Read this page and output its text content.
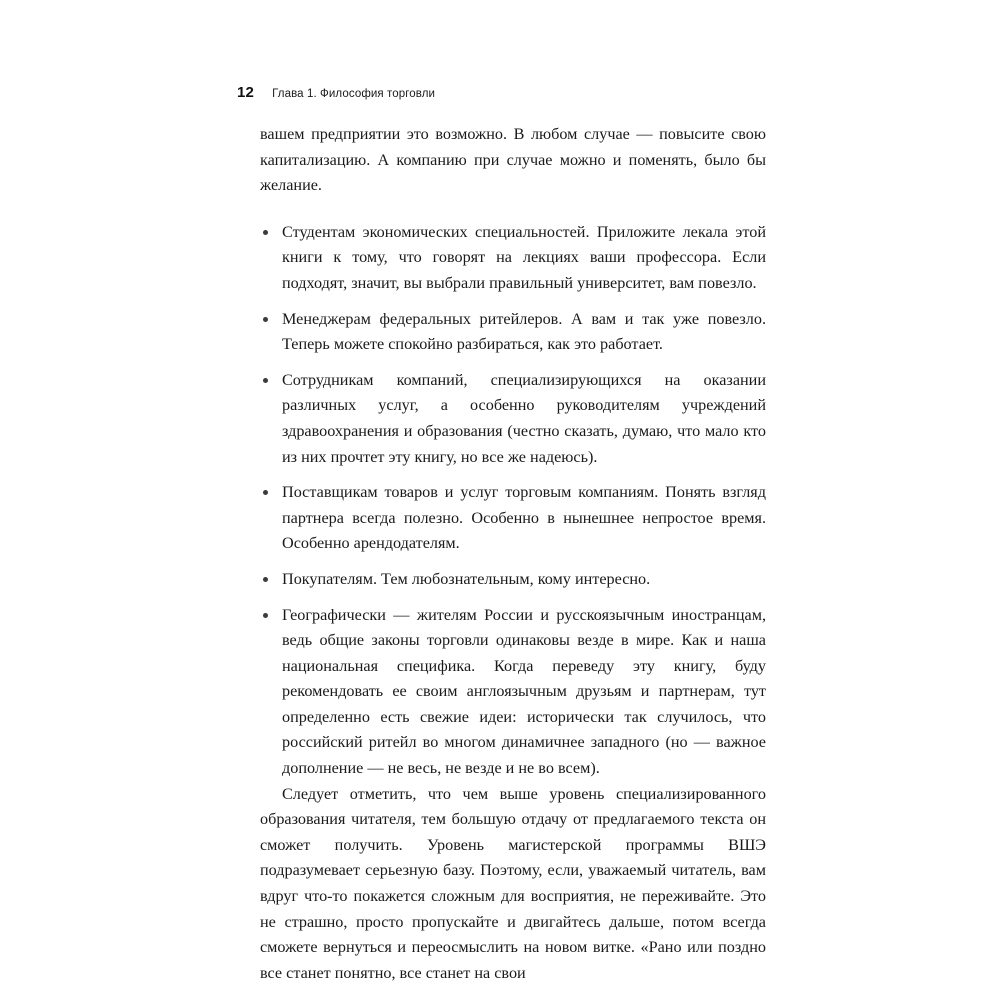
12 Глава 1. Философия торговли

вашем предприятии это возможно. В любом случае — повысите свою капитализацию. А компанию при случае можно и поменять, было бы желание.

Студентам экономических специальностей. Приложите лекала этой книги к тому, что говорят на лекциях ваши профессора. Если подходят, значит, вы выбрали правильный университет, вам повезло.
Менеджерам федеральных ритейлеров. А вам и так уже повезло. Теперь можете спокойно разбираться, как это работает.
Сотрудникам компаний, специализирующихся на оказании различных услуг, а особенно руководителям учреждений здравоохранения и образования (честно сказать, думаю, что мало кто из них прочтет эту книгу, но все же надеюсь).
Поставщикам товаров и услуг торговым компаниям. Понять взгляд партнера всегда полезно. Особенно в нынешнее непростое время. Особенно арендодателям.
Покупателям. Тем любознательным, кому интересно.
Географически — жителям России и русскоязычным иностранцам, ведь общие законы торговли одинаковы везде в мире. Как и наша национальная специфика. Когда переведу эту книгу, буду рекомендовать ее своим англоязычным друзьям и партнерам, тут определенно есть свежие идеи: исторически так случилось, что российский ритейл во многом динамичнее западного (но — важное дополнение — не весь, не везде и не во всем).

Следует отметить, что чем выше уровень специализированного образования читателя, тем большую отдачу от предлагаемого текста он сможет получить. Уровень магистерской программы ВШЭ подразумевает серьезную базу. Поэтому, если, уважаемый читатель, вам вдруг что-то покажется сложным для восприятия, не переживайте. Это не страшно, просто пропускайте и двигайтесь дальше, потом всегда сможете вернуться и переосмыслить на новом витке. «Рано или поздно все станет понятно, все станет на свои
